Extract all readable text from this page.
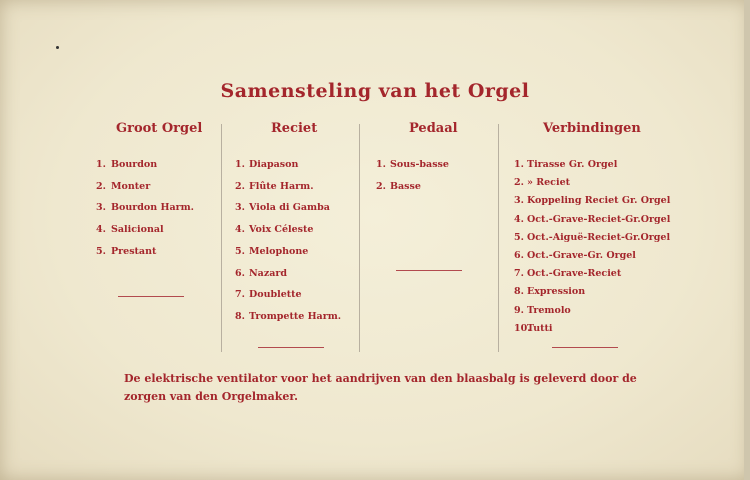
Samensteling van het Orgel
Groot Orgel
1. Bourdon
2. Monter
3. Bourdon Harm.
4. Salicional
5. Prestant
Reciet
1. Diapason
2. Flûte Harm.
3. Viola di Gamba
4. Voix Céleste
5. Melophone
6. Nazard
7. Doublette
8. Trompette Harm.
Pedaal
1. Sous-basse
2. Basse
Verbindingen
1. Tirasse Gr. Orgel
2. » Reciet
3. Koppeling Reciet Gr. Orgel
4. Oct.-Grave-Reciet-Gr.Orgel
5. Oct.-Aiguë-Reciet-Gr.Orgel
6. Oct.-Grave-Gr. Orgel
7. Oct.-Grave-Reciet
8. Expression
9. Tremolo
10.
Tutti
De elektrische ventilator voor het aandrijven van den blaasbalg is geleverd door de zorgen van den Orgelmaker.
